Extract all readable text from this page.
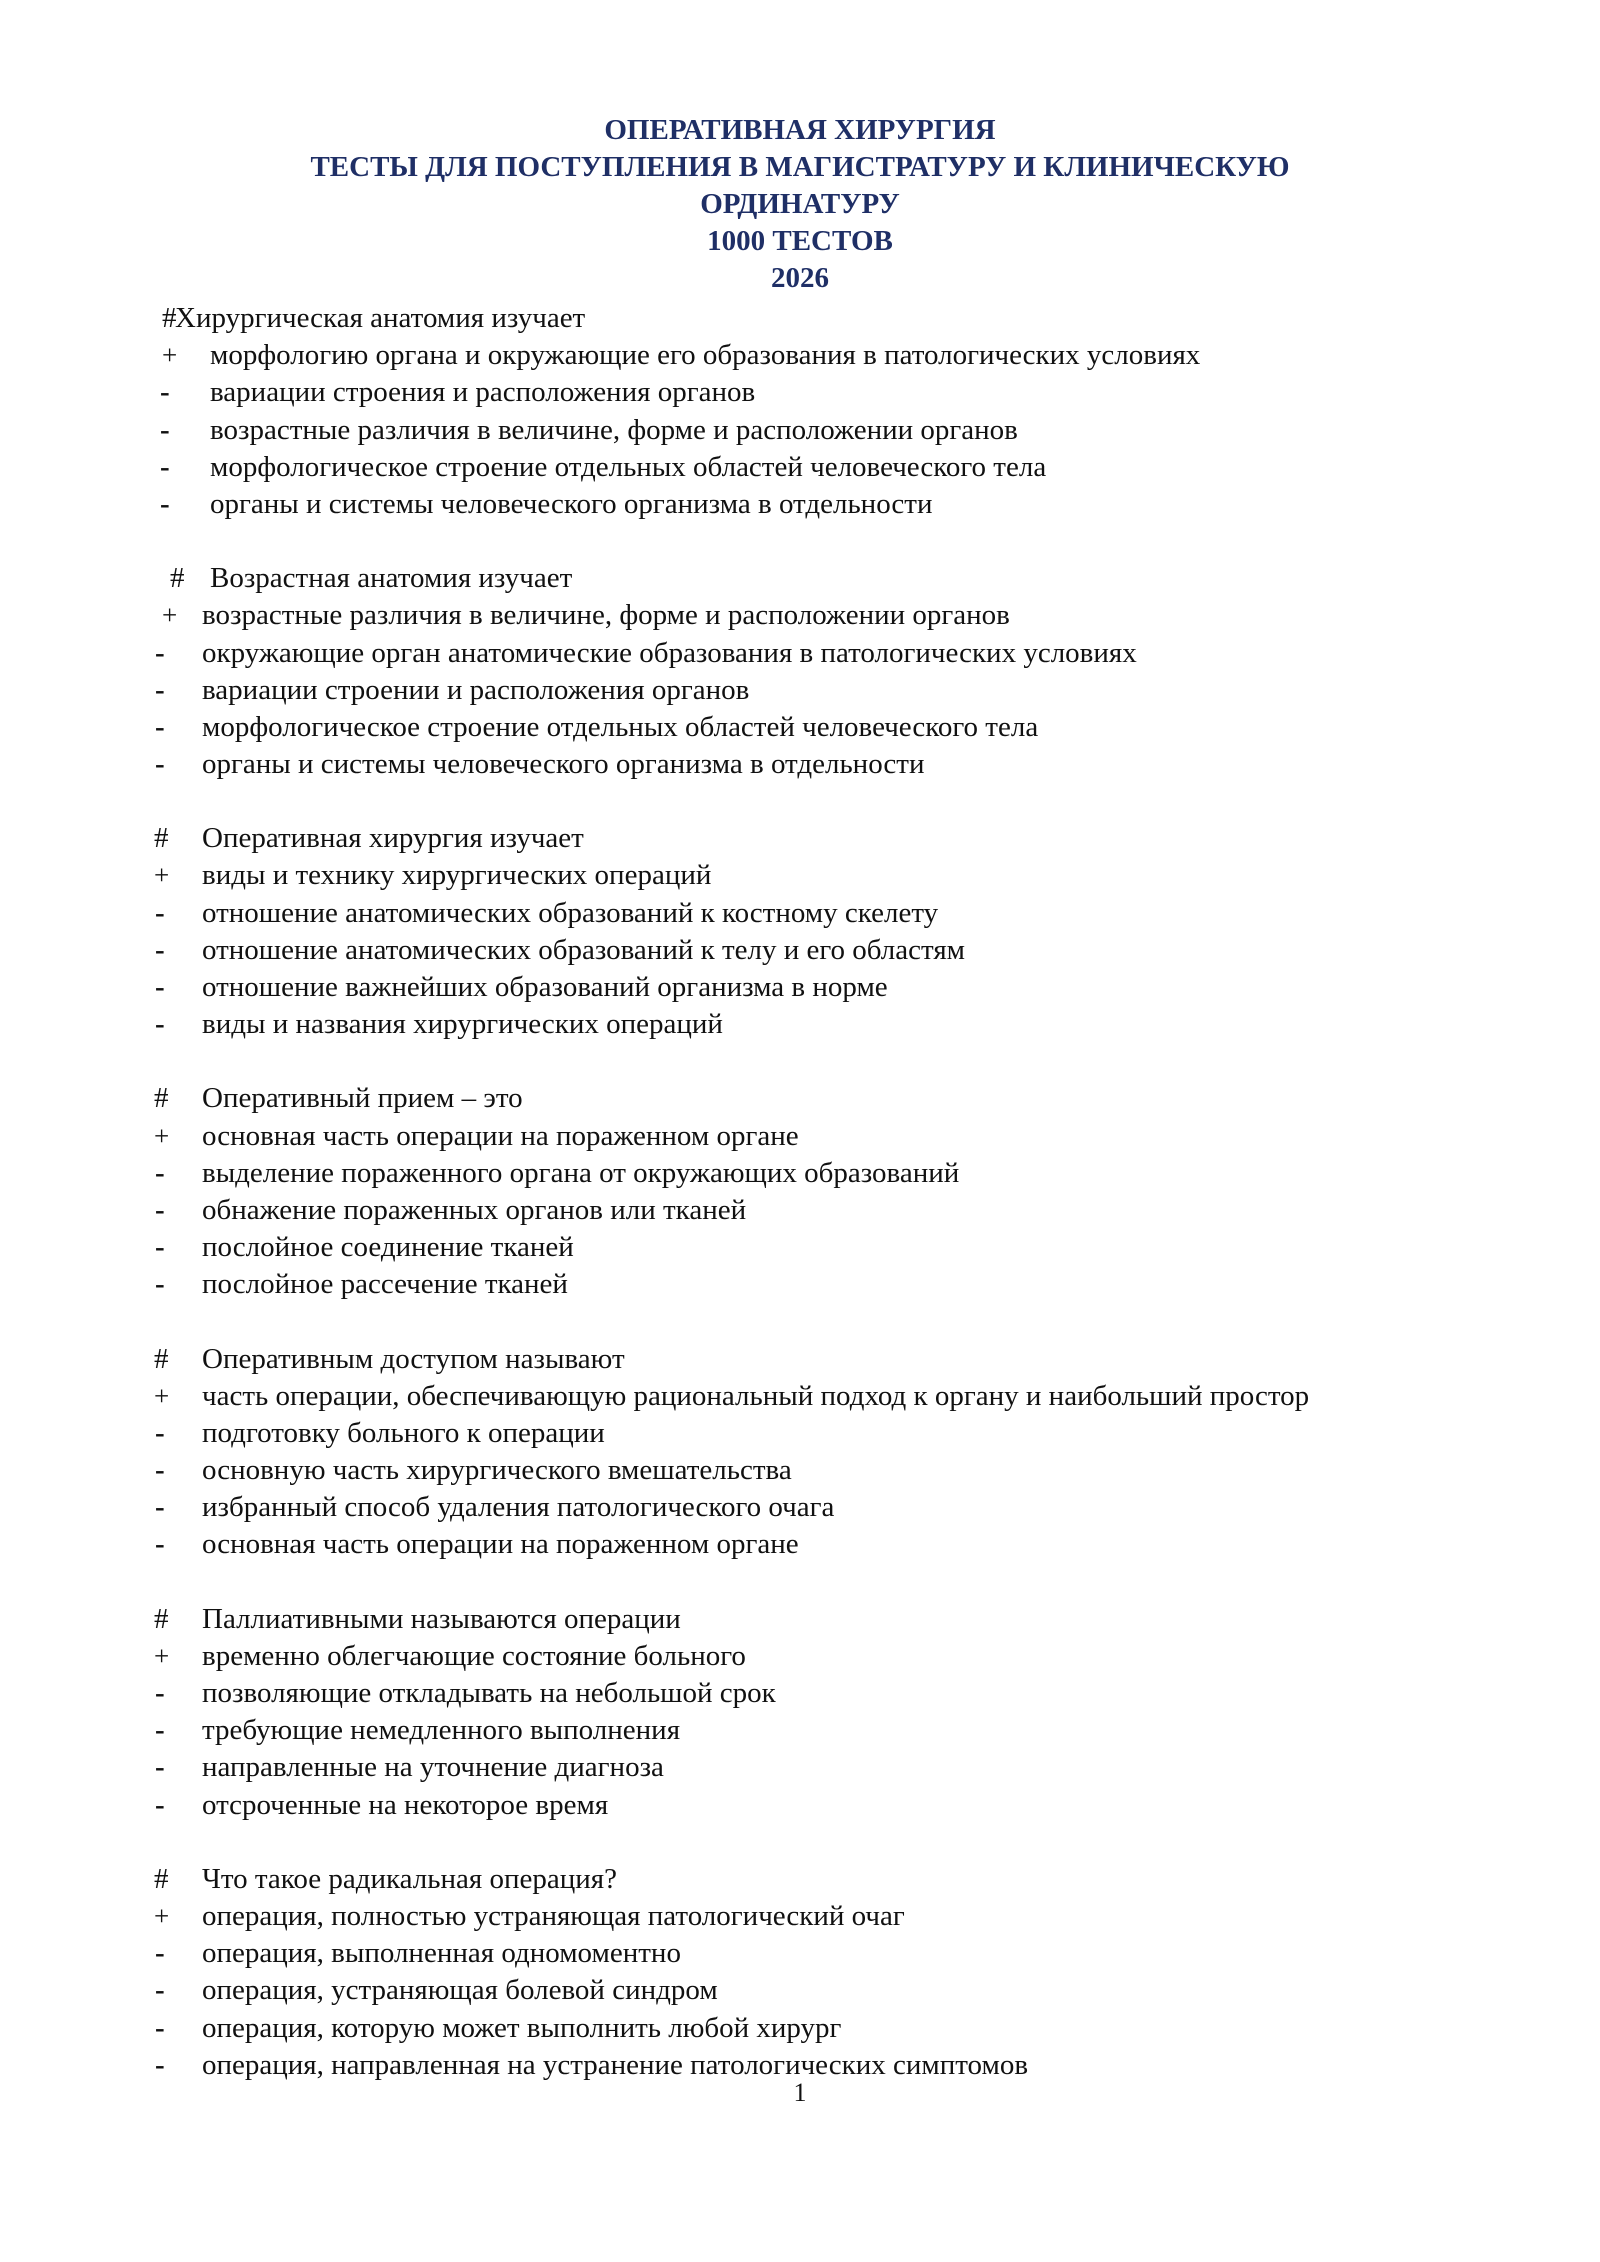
ОПЕРАТИВНАЯ ХИРУРГИЯ
ТЕСТЫ ДЛЯ ПОСТУПЛЕНИЯ В МАГИСТРАТУРУ И КЛИНИЧЕСКУЮ
ОРДИНАТУРУ
1000 ТЕСТОВ
2026
#
Хирургическая анатомия изучает
+ морфологию органа и окружающие его образования в патологических условиях
- вариации строения и расположения органов
- возрастные различия в величине, форме и расположении органов
- морфологическое строение отдельных областей человеческого тела
- органы и системы человеческого организма в отдельности
# Возрастная анатомия изучает
+ возрастные различия в величине, форме и расположении органов
- окружающие орган анатомические образования в патологических условиях
- вариации строении и расположения органов
- морфологическое строение отдельных областей человеческого тела
- органы и системы человеческого организма в отдельности
# Оперативная хирургия изучает
+ виды и технику хирургических операций
- отношение анатомических образований к костному скелету
- отношение анатомических образований к телу и его областям
- отношение важнейших образований организма в норме
- виды и названия хирургических операций
# Оперативный прием – это
+ основная часть операции на пораженном органе
- выделение пораженного органа от окружающих образований
- обнажение пораженных органов или тканей
- послойное соединение тканей
- послойное рассечение тканей
# Оперативным доступом называют
+ часть операции, обеспечивающую рациональный подход к органу и наибольший простор
- подготовку больного к операции
- основную часть хирургического вмешательства
- избранный способ удаления патологического очага
- основная часть операции на пораженном органе
# Паллиативными называются операции
+ временно облегчающие состояние больного
- позволяющие откладывать на небольшой срок
- требующие немедленного выполнения
- направленные на уточнение диагноза
- отсроченные на некоторое время
# Что такое радикальная операция?
+ операция, полностью устраняющая патологический очаг
- операция, выполненная одномоментно
- операция, устраняющая болевой синдром
- операция, которую может выполнить любой хирург
- операция, направленная на устранение патологических симптомов
1
